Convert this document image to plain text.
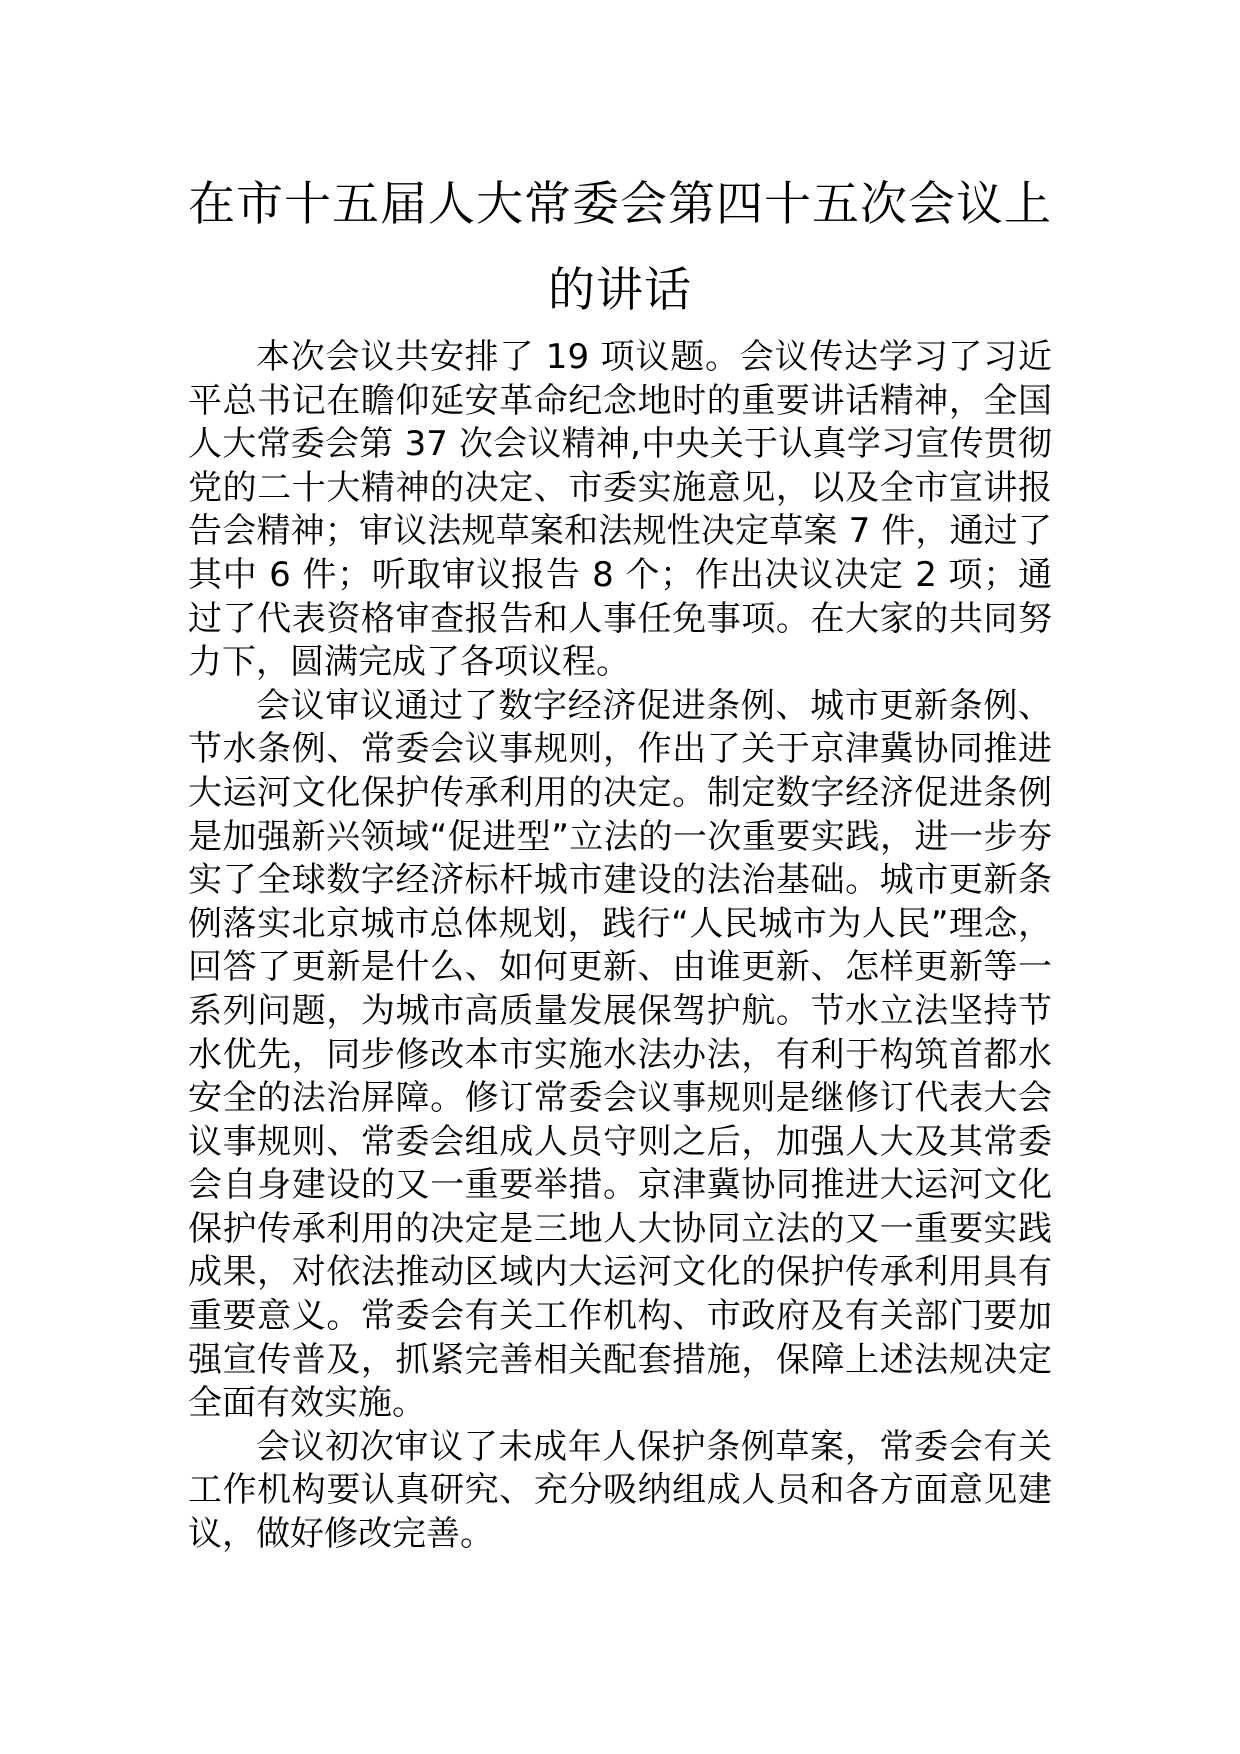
在市十五届人大常委会第四十五次会议上的讲话

本次会议共安排了 19 项议题。会议传达学习了习近平总书记在瞻仰延安革命纪念地时的重要讲话精神，全国人大常委会第 37 次会议精神,中央关于认真学习宣传贯彻党的二十大精神的决定、市委实施意见，以及全市宣讲报告会精神；审议法规草案和法规性决定草案 7 件，通过了其中 6 件；听取审议报告 8 个；作出决议决定 2 项；通过了代表资格审查报告和人事任免事项。在大家的共同努力下，圆满完成了各项议程。

会议审议通过了数字经济促进条例、城市更新条例、节水条例、常委会议事规则，作出了关于京津冀协同推进大运河文化保护传承利用的决定。制定数字经济促进条例是加强新兴领域“促进型”立法的一次重要实践，进一步夯实了全球数字经济标杆城市建设的法治基础。城市更新条例落实北京城市总体规划，践行“人民城市为人民”理念，回答了更新是什么、如何更新、由谁更新、怎样更新等一系列问题，为城市高质量发展保驾护航。节水立法坚持节水优先，同步修改本市实施水法办法，有利于构筑首都水安全的法治屏障。修订常委会议事规则是继修订代表大会议事规则、常委会组成人员守则之后，加强人大及其常委会自身建设的又一重要举措。京津冀协同推进大运河文化保护传承利用的决定是三地人大协同立法的又一重要实践成果，对依法推动区域内大运河文化的保护传承利用具有重要意义。常委会有关工作机构、市政府及有关部门要加强宣传普及，抓紧完善相关配套措施，保障上述法规决定全面有效实施。

会议初次审议了未成年人保护条例草案，常委会有关工作机构要认真研究、充分吸纳组成人员和各方面意见建议，做好修改完善。
